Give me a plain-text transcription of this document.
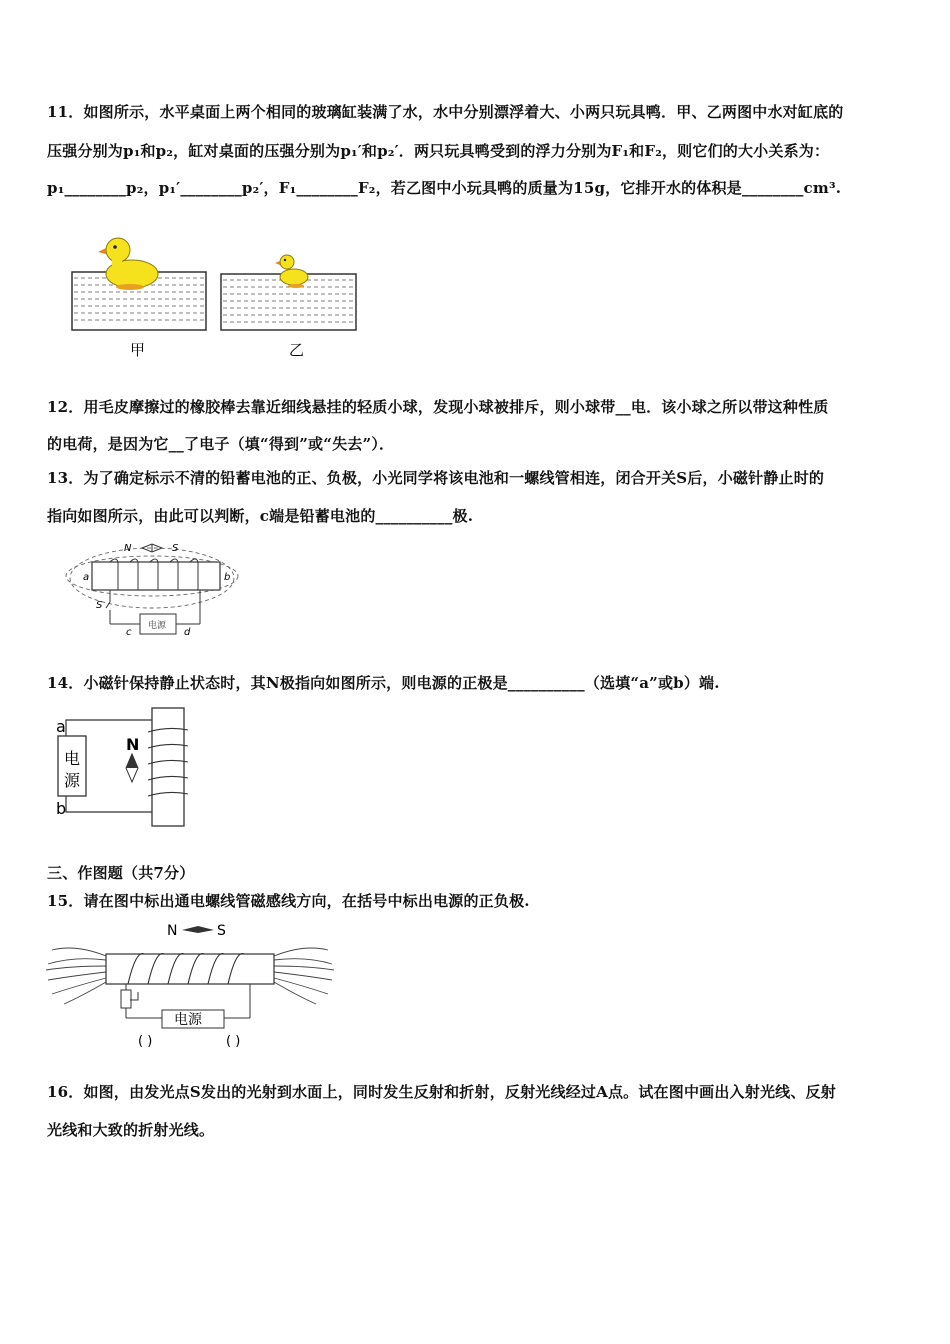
11．如图所示，水平桌面上两个相同的玻璃缸装满了水，水中分别漂浮着大、小两只玩具鸭．甲、乙两图中水对缸底的
压强分别为p₁和p₂，缸对桌面的压强分别为p₁′和p₂′．两只玩具鸭受到的浮力分别为F₁和F₂，则它们的大小关系为：
p₁________p₂，p₁′________p₂′，F₁________F₂，若乙图中小玩具鸭的质量为15g，它排开水的体积是________cm³.
甲	乙
12．用毛皮摩擦过的橡胶棒去靠近细线悬挂的轻质小球，发现小球被排斥，则小球带__电．该小球之所以带这种性质
的电荷，是因为它__了电子（填“得到”或“失去”）．
13．为了确定标示不清的铅蓄电池的正、负极，小光同学将该电池和一螺线管相连，闭合开关S后，小磁针静止时的
指向如图所示，由此可以判断，c端是铅蓄电池的__________极.
N	S
a	b
S
电源
c	d
14．小磁针保持静止状态时，其N极指向如图所示，则电源的正极是__________（选填“a”或b）端.
电
源
a
b
N
三、作图题（共7分）
15．请在图中标出通电螺线管磁感线方向，在括号中标出电源的正负极.
N	S
电源
( )	( )
16．如图，由发光点S发出的光射到水面上，同时发生反射和折射，反射光线经过A点。试在图中画出入射光线、反射
光线和大致的折射光线。
